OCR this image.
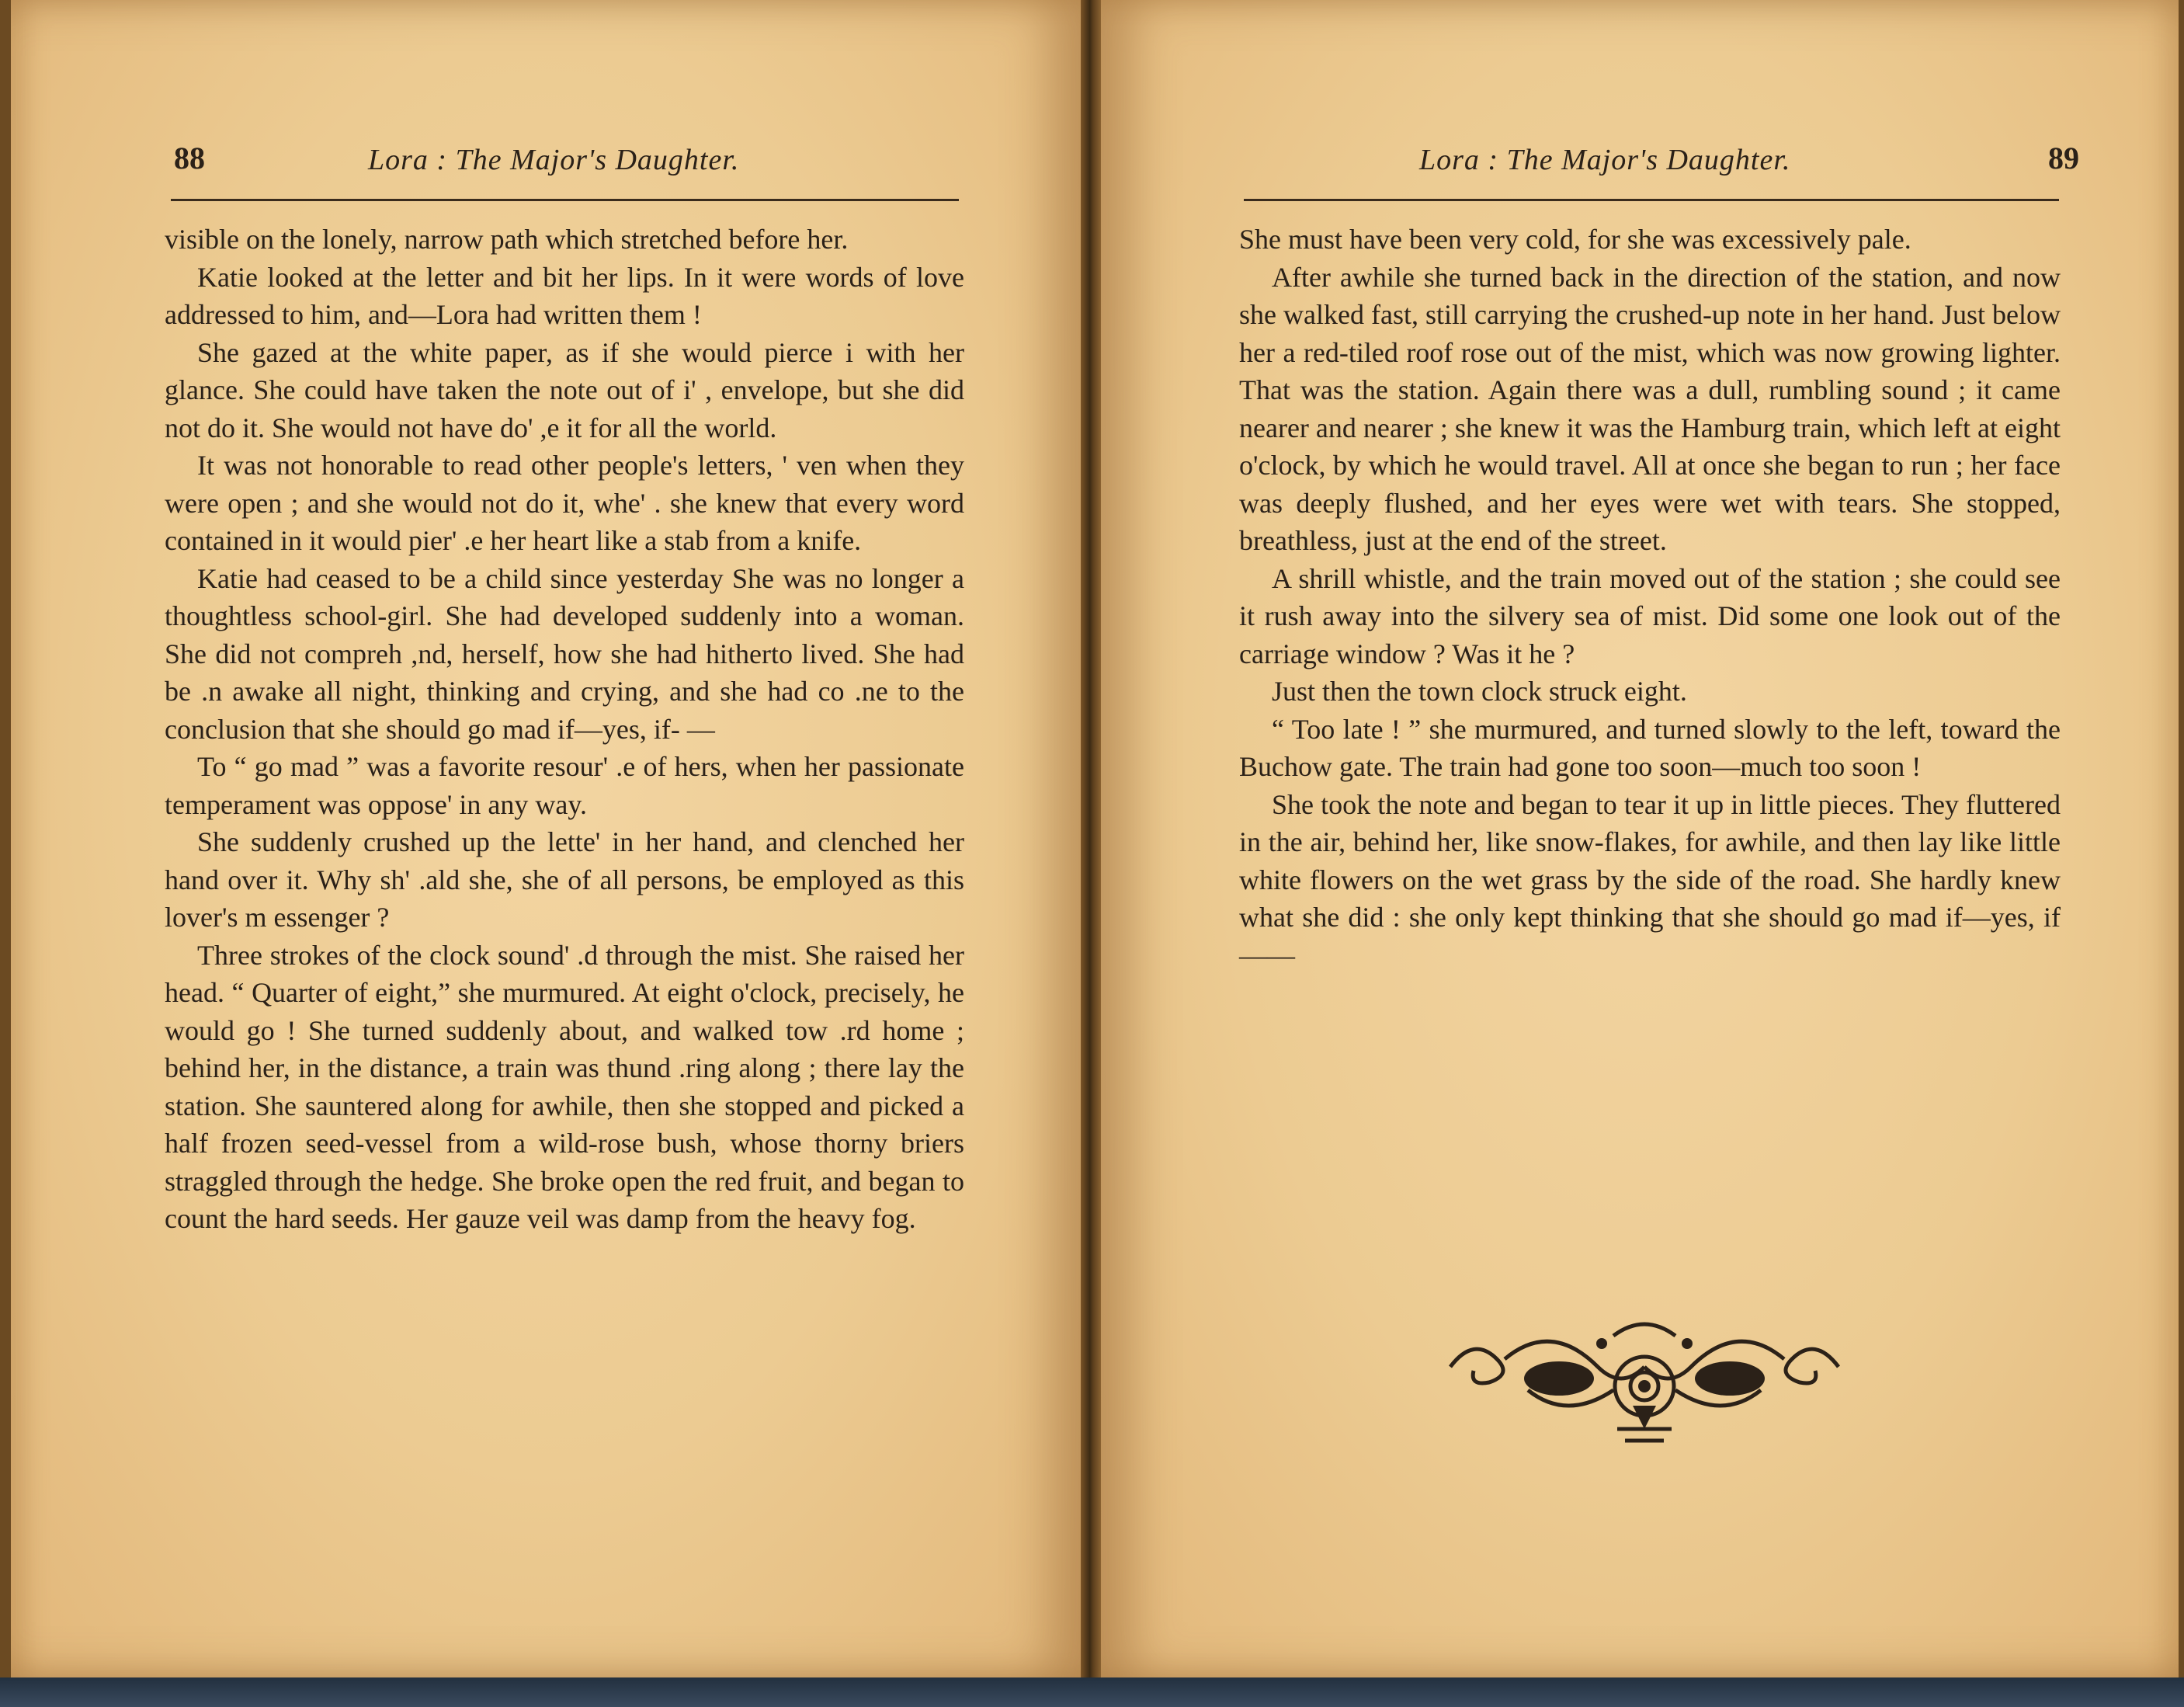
88	Lora : The Major's Daughter.

visible on the lonely, narrow path which stretched before her.

Katie looked at the letter and bit her lips. In it were words of love addressed to him, and—Lora had written them !

She gazed at the white paper, as if she would pierce i with her glance. She could have taken the note out of i' , envelope, but she did not do it. She would not have do' ,e it for all the world.

It was not honorable to read other people's letters, ' ven when they were open ; and she would not do it, whe' . she knew that every word contained in it would pier' .e her heart like a stab from a knife.

Katie had ceased to be a child since yesterday She was no longer a thoughtless school-girl. She had developed suddenly into a woman. She did not compreh ,nd, herself, how she had hitherto lived. She had be .n awake all night, thinking and crying, and she had co .ne to the conclusion that she should go mad if—yes, if- —

To “ go mad ” was a favorite resour' .e of hers, when her passionate temperament was oppose' in any way.

She suddenly crushed up the lette' in her hand, and clenched her hand over it. Why sh' .ald she, she of all persons, be employed as this lover's m essenger ?

Three strokes of the clock sound' .d through the mist. She raised her head. “ Quarter of eight,” she murmured. At eight o'clock, precisely, he would go ! She turned suddenly about, and walked tow .rd home ; behind her, in the distance, a train was thund .ring along ; there lay the station. She sauntered along for awhile, then she stopped and picked a half frozen seed-vessel from a wild-rose bush, whose thorny briers straggled through the hedge. She broke open the red fruit, and began to count the hard seeds. Her gauze veil was damp from the heavy fog.

Lora : The Major's Daughter.	89

She must have been very cold, for she was excessively pale.

After awhile she turned back in the direction of the station, and now she walked fast, still carrying the crushed-up note in her hand. Just below her a red-tiled roof rose out of the mist, which was now growing lighter. That was the station. Again there was a dull, rumbling sound ; it came nearer and nearer ; she knew it was the Hamburg train, which left at eight o'clock, by which he would travel. All at once she began to run ; her face was deeply flushed, and her eyes were wet with tears. She stopped, breathless, just at the end of the street.

A shrill whistle, and the train moved out of the station ; she could see it rush away into the silvery sea of mist. Did some one look out of the carriage window ? Was it he ?

Just then the town clock struck eight.

“ Too late ! ” she murmured, and turned slowly to the left, toward the Buchow gate. The train had gone too soon—much too soon !

She took the note and began to tear it up in little pieces. They fluttered in the air, behind her, like snow-flakes, for awhile, and then lay like little white flowers on the wet grass by the side of the road. She hardly knew what she did : she only kept thinking that she should go mad if—yes, if——
